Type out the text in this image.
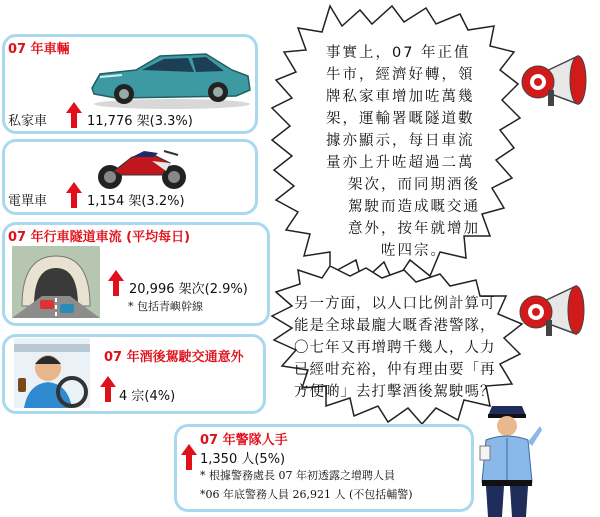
07 年車輛
私家車	11,776 架(3.3%)
電單車	1,154 架(3.2%)
07 年行車隧道車流 (平均每日)
20,996 架次(2.9%)
* 包括青嶼幹線
07 年酒後駕駛交通意外
4 宗(4%)
07 年警隊人手
1,350 人(5%)
* 根據警務處長 07 年初透露之增聘人員
*06 年底警務人員 26,921 人 (不包括輔警)
事實上，07 年正值
牛市，經濟好轉，領
牌私家車增加咗萬幾
架，運輸署嘅隧道數
據亦顯示，每日車流
量亦上升咗超過二萬
架次，而同期酒後
駕駛而造成嘅交通
意外，按年就增加
咗四宗。
另一方面，以人口比例計算可
能是全球最龐大嘅香港警隊，
〇七年又再增聘千幾人，人力
已經咁充裕，仲有理由要「再
方便啲」去打擊酒後駕駛嗎？
